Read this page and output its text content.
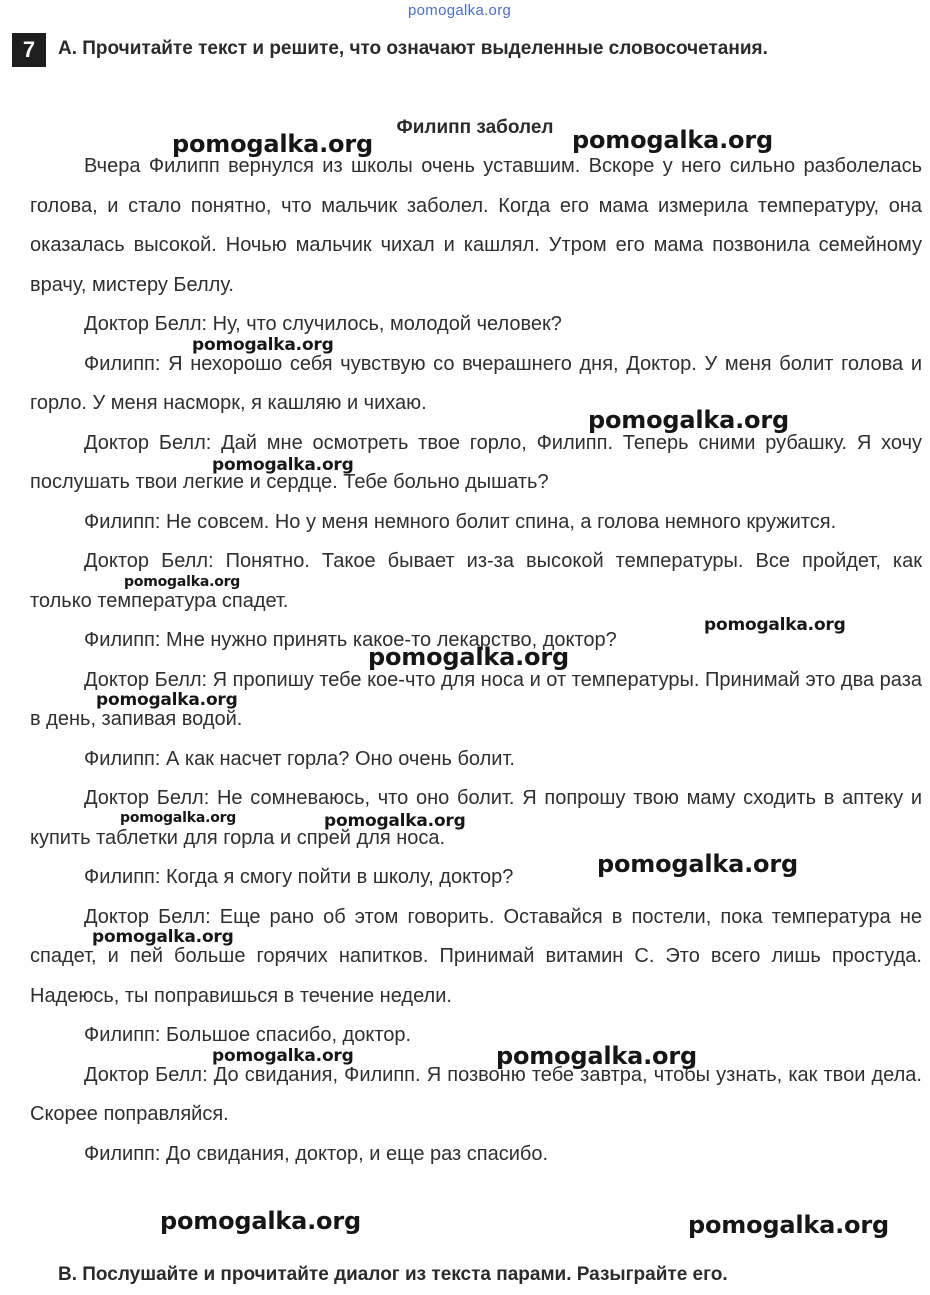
pomogalka.org
7	A. Прочитайте текст и решите, что означают выделенные словосочетания.
Филипп заболел

Вчера Филипп вернулся из школы очень уставшим. Вскоре у него сильно разболелась голова, и стало понятно, что мальчик заболел. Когда его мама измерила температуру, она оказалась высокой. Ночью мальчик чихал и кашлял. Утром его мама позвонила семейному врачу, мистеру Беллу.

Доктор Белл: Ну, что случилось, молодой человек?

Филипп: Я нехорошо себя чувствую со вчерашнего дня, Доктор. У меня болит голова и горло. У меня насморк, я кашляю и чихаю.

Доктор Белл: Дай мне осмотреть твое горло, Филипп. Теперь сними рубашку. Я хочу послушать твои легкие и сердце. Тебе больно дышать?

Филипп: Не совсем. Но у меня немного болит спина, а голова немного кружится.

Доктор Белл: Понятно. Такое бывает из-за высокой температуры. Все пройдет, как только температура спадет.

Филипп: Мне нужно принять какое-то лекарство, доктор?

Доктор Белл: Я пропишу тебе кое-что для носа и от температуры. Принимай это два раза в день, запивая водой.

Филипп: А как насчет горла? Оно очень болит.

Доктор Белл: Не сомневаюсь, что оно болит. Я попрошу твою маму сходить в аптеку и купить таблетки для горла и спрей для носа.

Филипп: Когда я смогу пойти в школу, доктор?

Доктор Белл: Еще рано об этом говорить. Оставайся в постели, пока температура не спадет, и пей больше горячих напитков. Принимай витамин С. Это всего лишь простуда. Надеюсь, ты поправишься в течение недели.

Филипп: Большое спасибо, доктор.

Доктор Белл: До свидания, Филипп. Я позвоню тебе завтра, чтобы узнать, как твои дела. Скорее поправляйся.

Филипп: До свидания, доктор, и еще раз спасибо.

B. Послушайте и прочитайте диалог из текста парами. Разыграйте его.
pomogalka.org	pomogalka.org
pomogalka.org
pomogalka.org
pomogalka.org
pomogalka.org
pomogalka.org
pomogalka.org
pomogalka.org
pomogalka.org	pomogalka.org
pomogalka.org
pomogalka.org
pomogalka.org	pomogalka.org
pomogalka.org	pomogalka.org
